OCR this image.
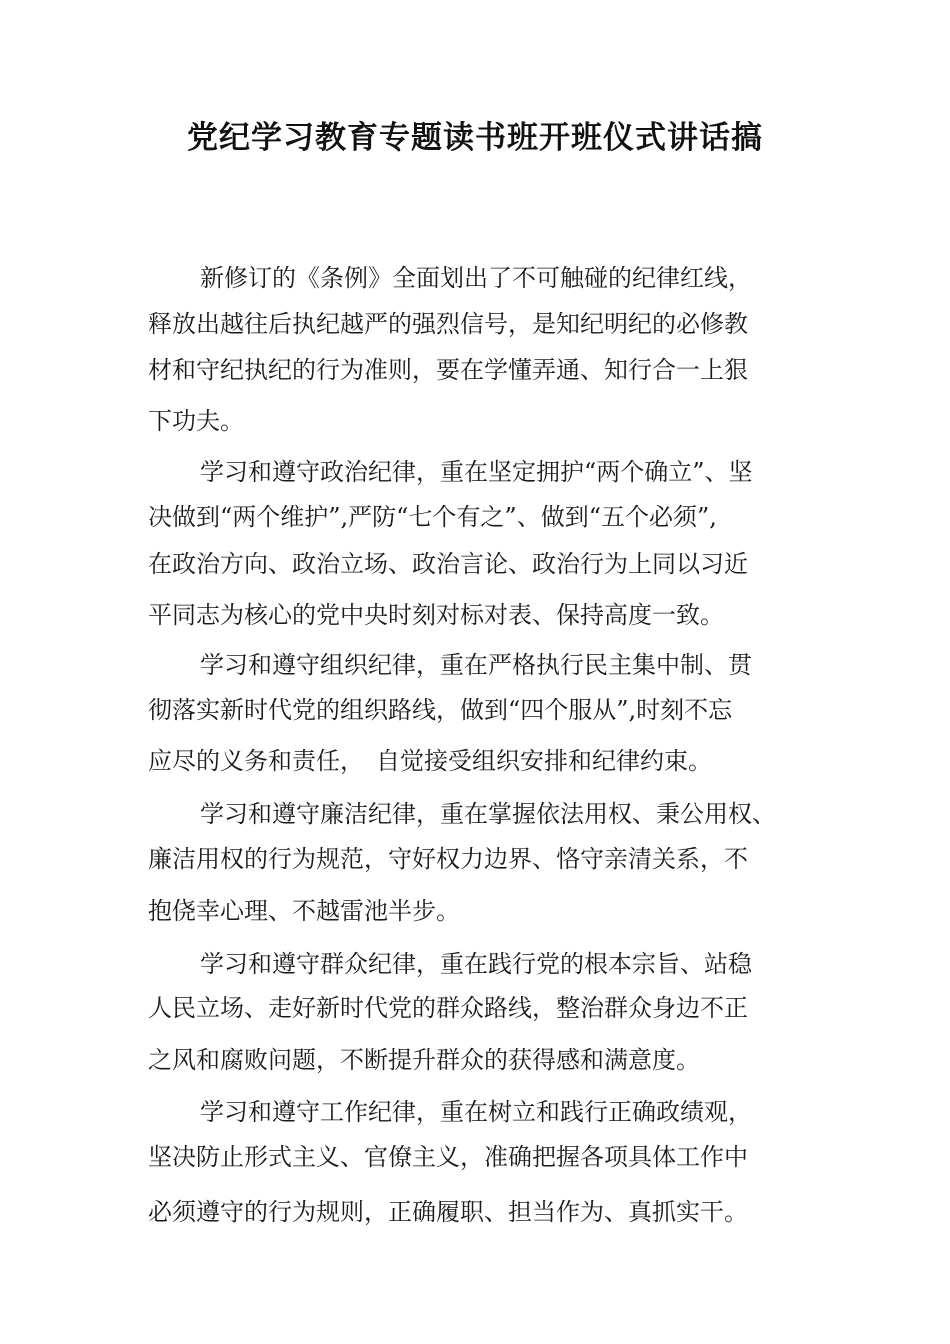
党纪学习教育专题读书班开班仪式讲话搞

新修订的《条例》全面划出了不可触碰的纪律红线，

释放出越往后执纪越严的强烈信号，是知纪明纪的必修教

材和守纪执纪的行为准则，要在学懂弄通、知行合一上狠

下功夫。

学习和遵守政治纪律，重在坚定拥护“两个确立”、坚

决做到“两个维护”,严防“七个有之”、做到“五个必须”,

在政治方向、政治立场、政治言论、政治行为上同以习近

平同志为核心的党中央时刻对标对表、保持高度一致。

学习和遵守组织纪律，重在严格执行民主集中制、贯

彻落实新时代党的组织路线，做到“四个服从”,时刻不忘

应尽的义务和责任，　自觉接受组织安排和纪律约束。

学习和遵守廉洁纪律，重在掌握依法用权、秉公用权、

廉洁用权的行为规范，守好权力边界、恪守亲清关系，不

抱侥幸心理、不越雷池半步。

学习和遵守群众纪律，重在践行党的根本宗旨、站稳

人民立场、走好新时代党的群众路线，整治群众身边不正

之风和腐败问题，不断提升群众的获得感和满意度。

学习和遵守工作纪律，重在树立和践行正确政绩观，

坚决防止形式主义、官僚主义，准确把握各项具体工作中

必须遵守的行为规则，正确履职、担当作为、真抓实干。
